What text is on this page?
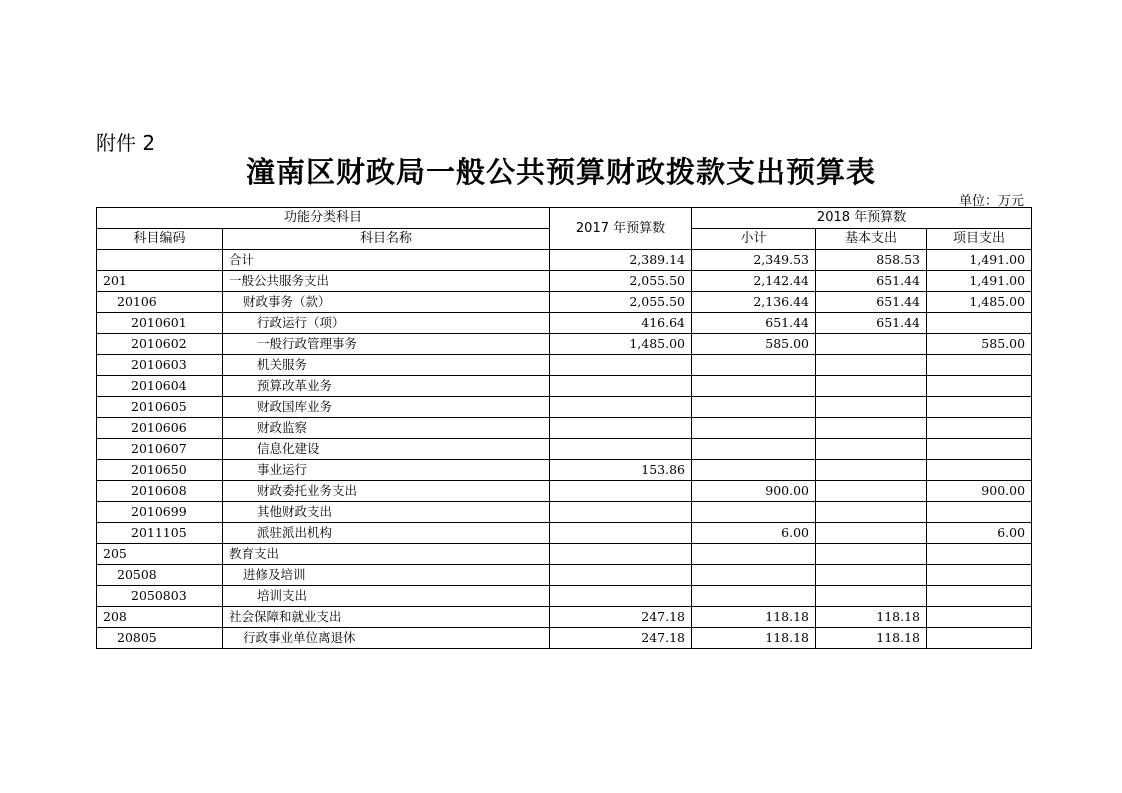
附件 2
潼南区财政局一般公共预算财政拨款支出预算表
单位：万元
功能分类科目		2017 年预算数	2018 年预算数		
科目编码	科目名称		小计	基本支出	项目支出
	合计	2,389.14	2,349.53	858.53	1,491.00
201	一般公共服务支出	2,055.50	2,142.44	651.44	1,491.00
20106	财政事务（款）	2,055.50	2,136.44	651.44	1,485.00
2010601	行政运行（项）	416.64	651.44	651.44	
2010602	一般行政管理事务	1,485.00	585.00		585.00
2010603	机关服务				
2010604	预算改革业务				
2010605	财政国库业务				
2010606	财政监察				
2010607	信息化建设				
2010650	事业运行	153.86			
2010608	财政委托业务支出		900.00		900.00
2010699	其他财政支出				
2011105	派驻派出机构		6.00		6.00
205	教育支出				
20508	进修及培训				
2050803	培训支出				
208	社会保障和就业支出	247.18	118.18	118.18	
20805	行政事业单位离退休	247.18	118.18	118.18	
